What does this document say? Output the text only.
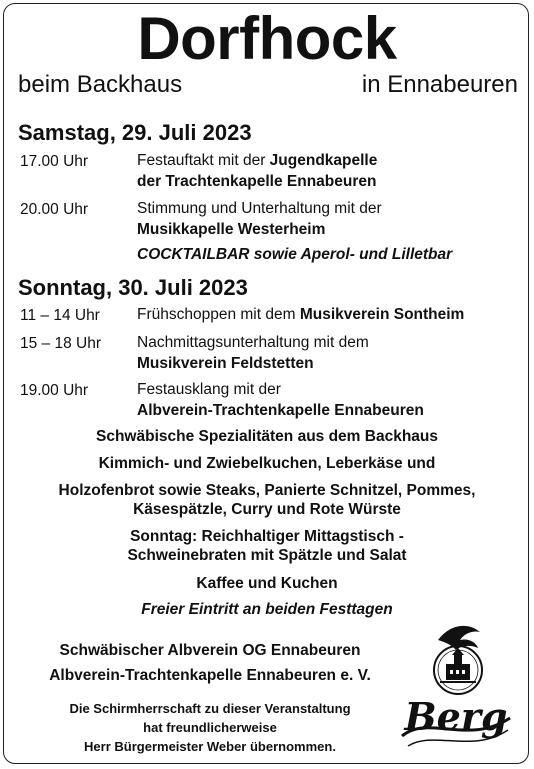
Dorfhock
beim Backhaus	in Ennabeuren
Samstag, 29. Juli 2023
17.00 Uhr	Festauftakt mit der Jugendkapelle
der Trachtenkapelle Ennabeuren
20.00 Uhr	Stimmung und Unterhaltung mit der
Musikkapelle Westerheim
COCKTAILBAR sowie Aperol- und Lilletbar
Sonntag, 30. Juli 2023
11 – 14 Uhr Frühschoppen mit dem Musikverein Sontheim
15 – 18 Uhr Nachmittagsunterhaltung mit dem
Musikverein Feldstetten
19.00 Uhr	Festausklang mit der
Albverein-Trachtenkapelle Ennabeuren
Schwäbische Spezialitäten aus dem Backhaus
Kimmich- und Zwiebelkuchen, Leberkäse und
Holzofenbrot sowie Steaks, Panierte Schnitzel, Pommes,
Käsespätzle, Curry und Rote Würste
Sonntag: Reichhaltiger Mittagstisch -
Schweinebraten mit Spätzle und Salat
Kaffee und Kuchen
Freier Eintritt an beiden Festtagen
Schwäbischer Albverein OG Ennabeuren
Albverein-Trachtenkapelle Ennabeuren e. V.
Die Schirmherrschaft zu dieser Veranstaltung
hat freundlicherweise
Herr Bürgermeister Weber übernommen.
Berg
